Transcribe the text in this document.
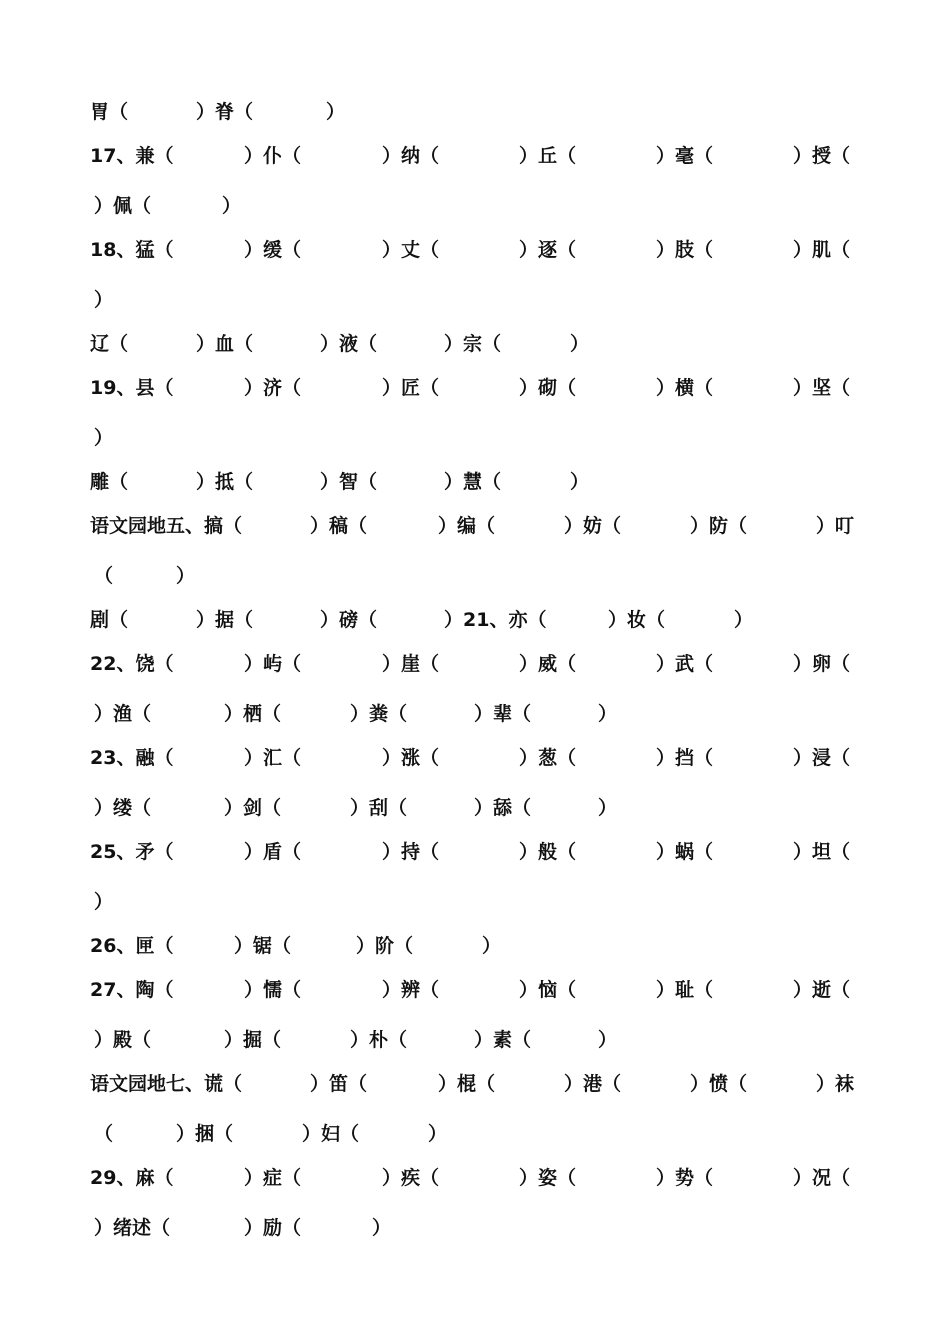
胃（	）脊（	）
17、兼（	）仆（	）纳（	）丘（	）毫（	）授（
）佩（	）
18、猛（	）缓（	）丈（	）逐（	）肢（	）肌（
）
辽（	）血（	）液（	）宗（	）
19、县（	）济（	）匠（	）砌（	）横（	）坚（
）
雕（	）抵（	）智（	）慧（	）
语文园地五、搞（	）稿（	）编（	）妨（	）防（	）叮
（	）
剧（	）据（	）磅（	）21、亦（	）妆（	）
22、饶（	）屿（	）崖（	）威（	）武（	）卵（
）渔（	）栖（	）粪（	）辈（	）
23、融（	）汇（	）涨（	）葱（	）挡（	）浸（
）缕（	）剑（	）刮（	）舔（	）
25、矛（	）盾（	）持（	）般（	）蜗（	）坦（
）
26、匣（	）锯（	）阶（	）
27、陶（	）懦（	）辨（	）恼（	）耻（	）逝（
）殿（	）掘（	）朴（	）素（	）
语文园地七、谎（	）笛（	）棍（	）港（	）愤（	）袜
（	）捆（	）妇（	）
29、麻（	）症（	）疾（	）姿（	）势（	）况（
）绪述（	）励（	）
